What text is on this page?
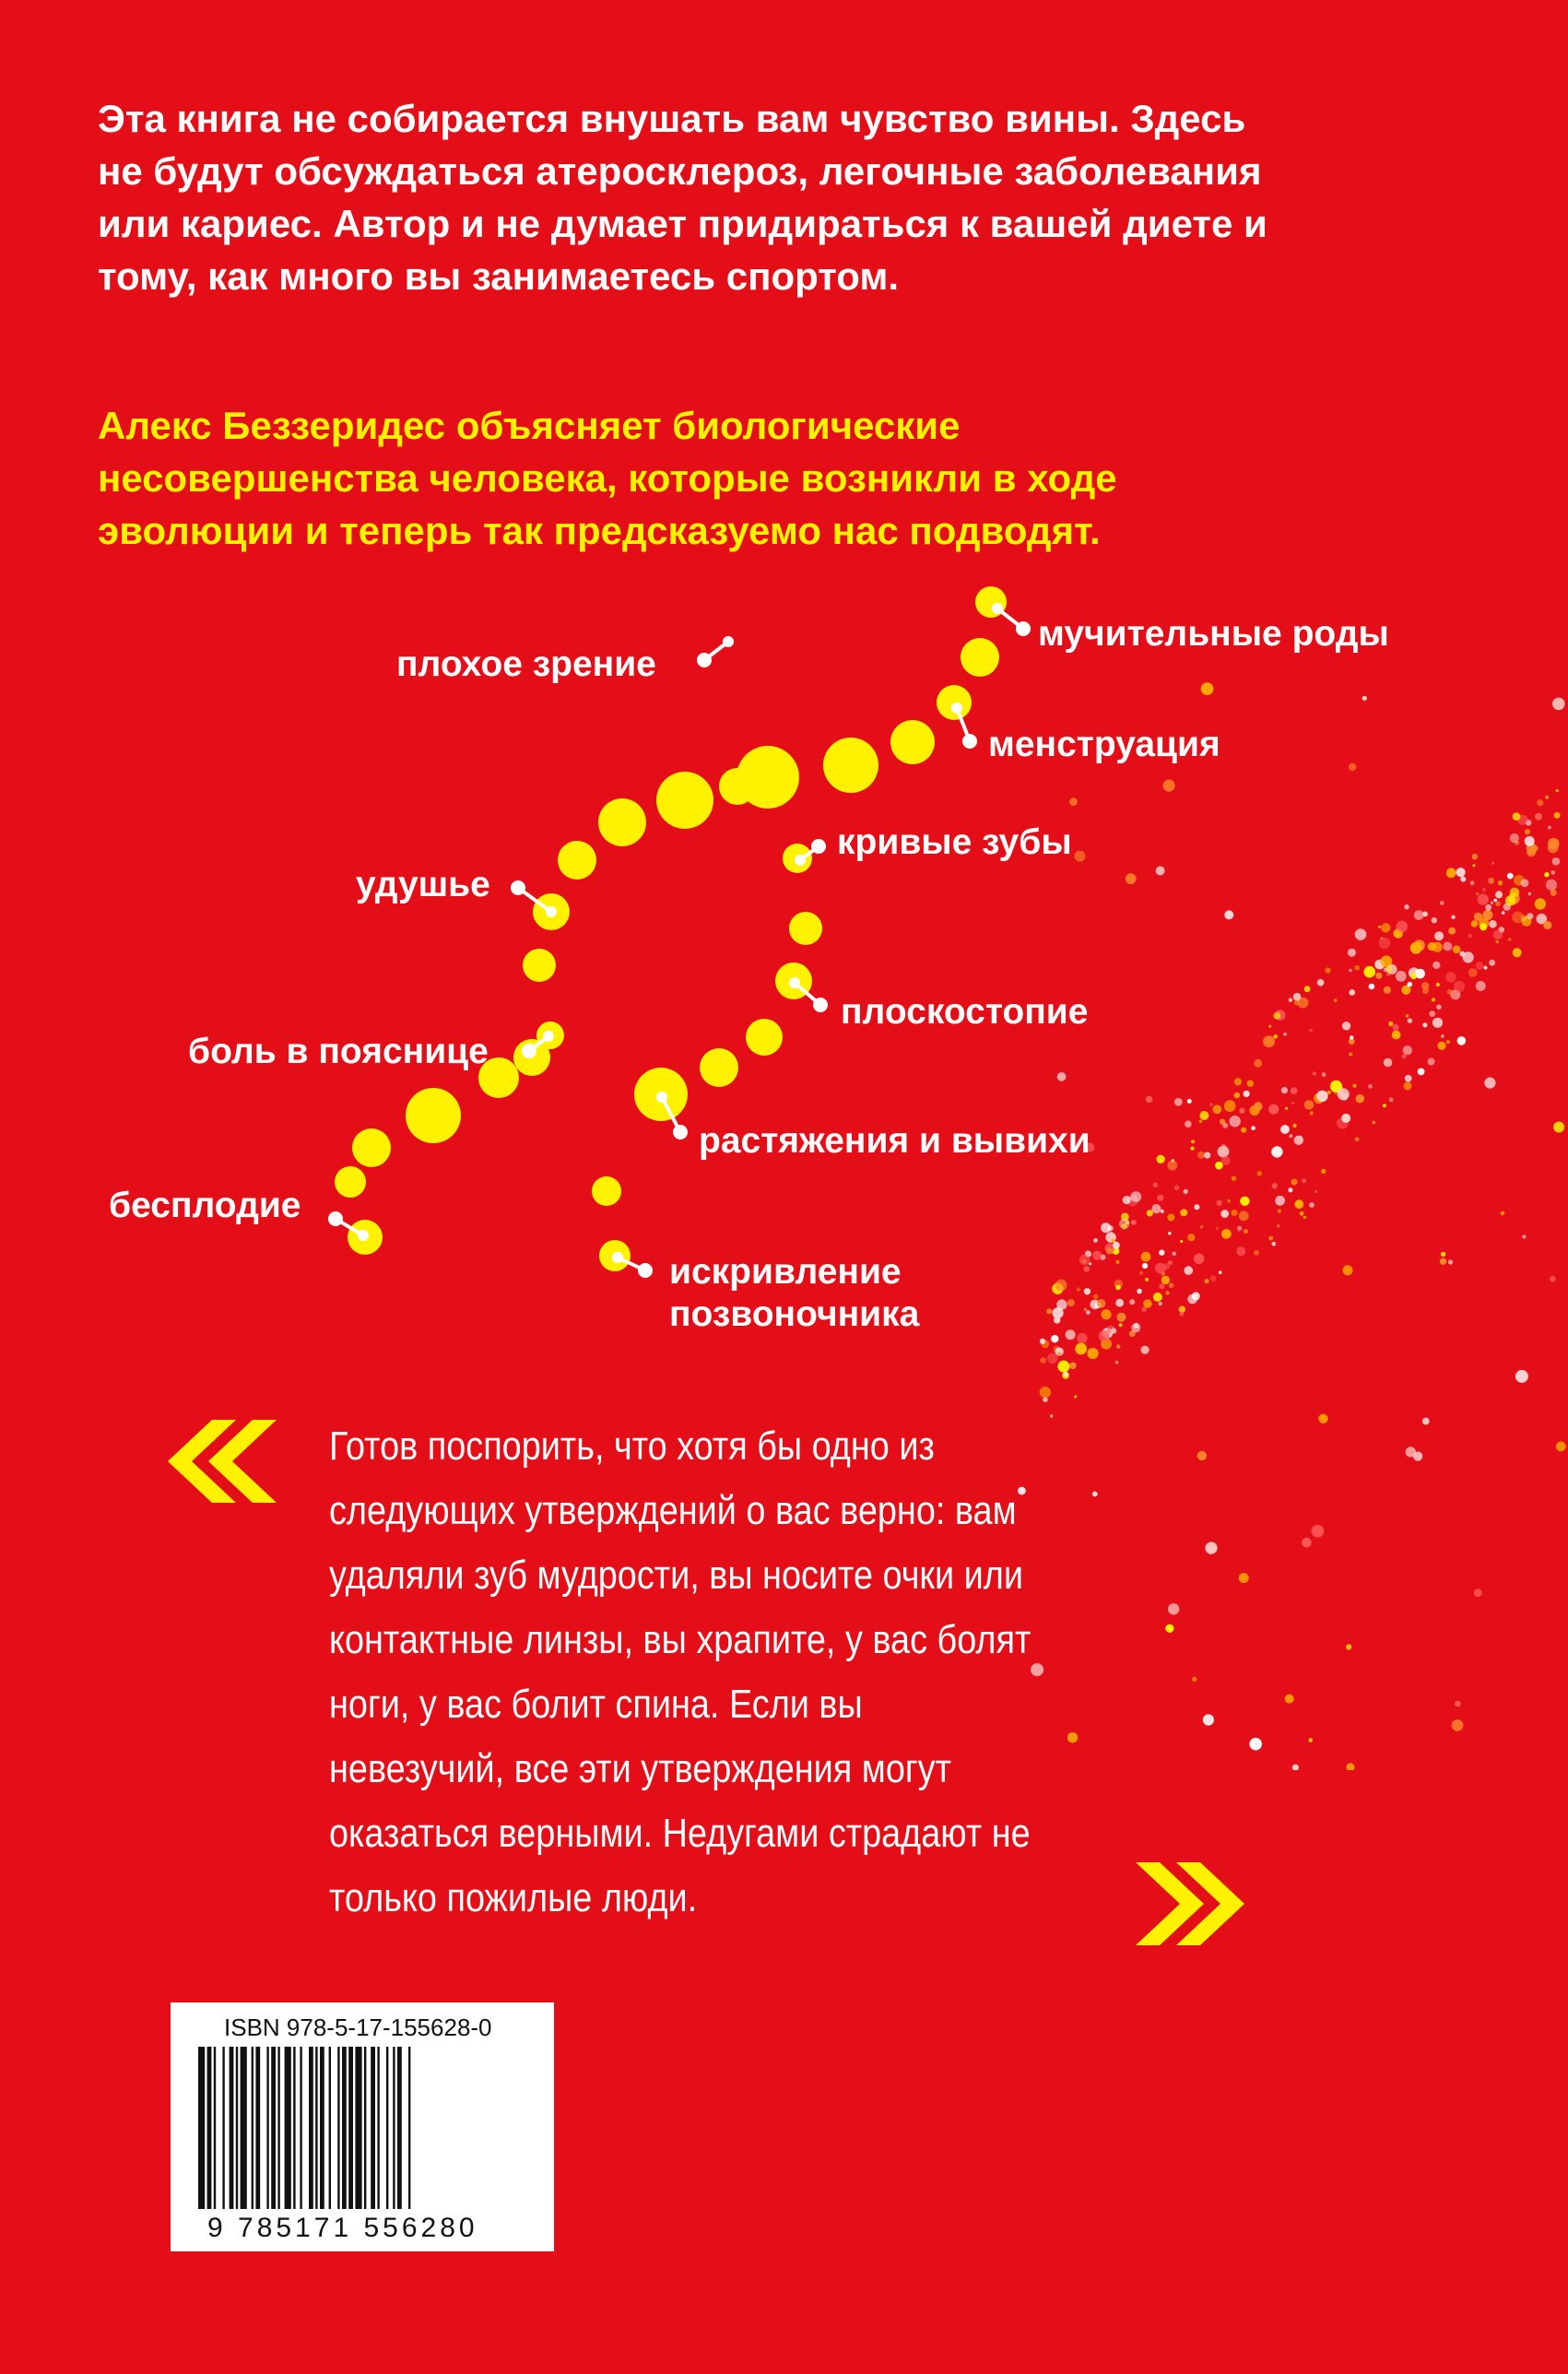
Эта книга не собирается внушать вам чувство вины. Здесь не будут обсуждаться атеросклероз, легочные заболевания или кариес. Автор и не думает придираться к вашей диете и тому, как много вы занимаетесь спортом.

Алекс Беззеридес объясняет биологические несовершенства человека, которые возникли в ходе эволюции и теперь так предсказуемо нас подводят.

плохое зрение
мучительные роды
менструация
кривые зубы
удушье
плоскостопие
боль в пояснице
растяжения и вывихи
бесплодие
искривление
позвоночника

Готов поспорить, что хотя бы одно из следующих утверждений о вас верно: вам удаляли зуб мудрости, вы носите очки или контактные линзы, вы храпите, у вас болят ноги, у вас болит спина. Если вы невезучий, все эти утверждения могут оказаться верными. Недугами страдают не только пожилые люди.

ISBN 978-5-17-155628-0
9 785171 556280
